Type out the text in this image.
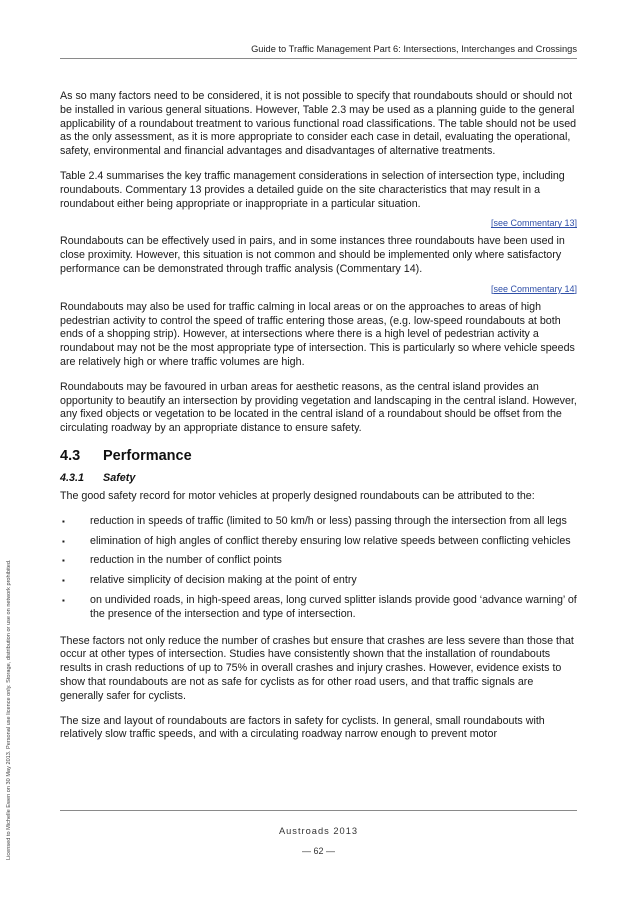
Guide to Traffic Management Part 6: Intersections, Interchanges and Crossings

As so many factors need to be considered, it is not possible to specify that roundabouts should or should not be installed in various general situations. However, Table 2.3 may be used as a planning guide to the general applicability of a roundabout treatment to various functional road classifications. The table should not be used as the only assessment, as it is more appropriate to consider each case in detail, evaluating the operational, safety, environmental and financial advantages and disadvantages of alternative treatments.

Table 2.4 summarises the key traffic management considerations in selection of intersection type, including roundabouts. Commentary 13 provides a detailed guide on the site characteristics that may result in a roundabout either being appropriate or inappropriate in a particular situation.

[see Commentary 13]

Roundabouts can be effectively used in pairs, and in some instances three roundabouts have been used in close proximity. However, this situation is not common and should be implemented only where satisfactory performance can be demonstrated through traffic analysis (Commentary 14).

[see Commentary 14]

Roundabouts may also be used for traffic calming in local areas or on the approaches to areas of high pedestrian activity to control the speed of traffic entering those areas, (e.g. low-speed roundabouts at both ends of a shopping strip). However, at intersections where there is a high level of pedestrian activity a roundabout may not be the most appropriate type of intersection. This is particularly so where vehicle speeds are relatively high or where traffic volumes are high.

Roundabouts may be favoured in urban areas for aesthetic reasons, as the central island provides an opportunity to beautify an intersection by providing vegetation and landscaping in the central island. However, any fixed objects or vegetation to be located in the central island of a roundabout should be offset from the circulating roadway by an appropriate distance to ensure safety.

4.3 Performance
4.3.1 Safety

The good safety record for motor vehicles at properly designed roundabouts can be attributed to the:

▪ reduction in speeds of traffic (limited to 50 km/h or less) passing through the intersection from all legs
▪ elimination of high angles of conflict thereby ensuring low relative speeds between conflicting vehicles
▪ reduction in the number of conflict points
▪ relative simplicity of decision making at the point of entry
▪ on undivided roads, in high-speed areas, long curved splitter islands provide good ‘advance warning’ of the presence of the intersection and type of intersection.

These factors not only reduce the number of crashes but ensure that crashes are less severe than those that occur at other types of intersection. Studies have consistently shown that the installation of roundabouts results in crash reductions of up to 75% in overall crashes and injury crashes. However, evidence exists to show that roundabouts are not as safe for cyclists as for other road users, and that traffic signals are generally safer for cyclists.

The size and layout of roundabouts are factors in safety for cyclists. In general, small roundabouts with relatively slow traffic speeds, and with a circulating roadway narrow enough to prevent motor

Austroads 2013
— 62 —
Licensed to Michelle Ewen on 30 May 2013. Personal use licence only. Storage, distribution or use on network prohibited.
